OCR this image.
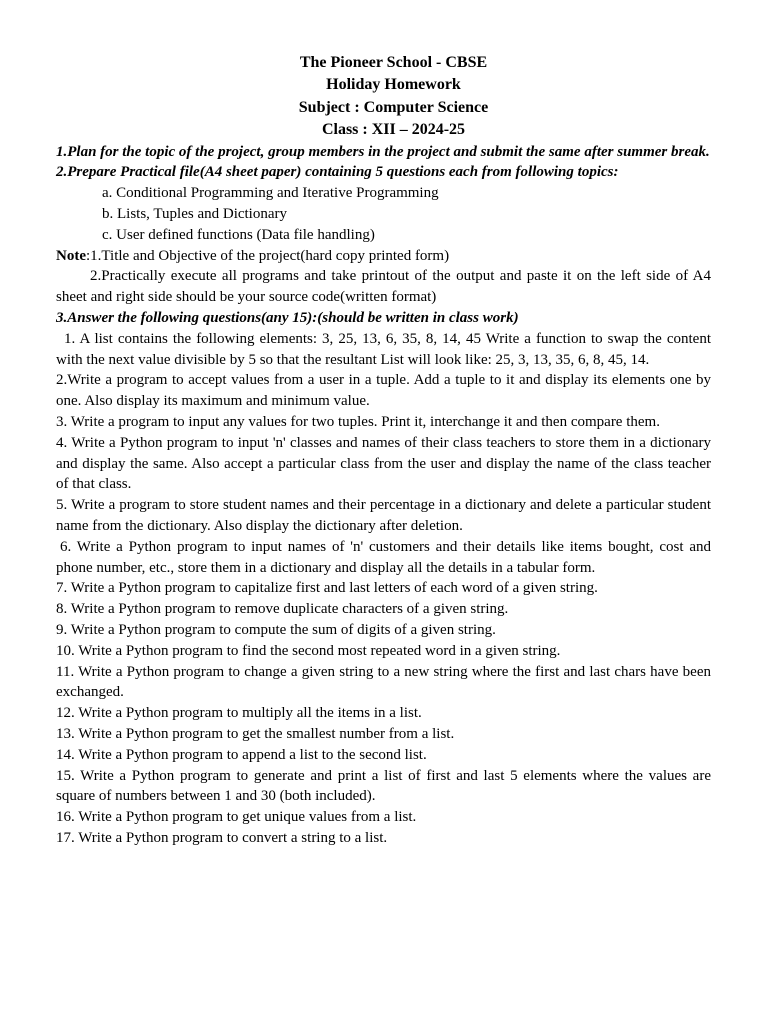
The Pioneer School - CBSE
Holiday Homework
Subject : Computer Science
Class : XII – 2024-25

1.Plan for the topic of the project, group members in the project and submit the same after summer break.

2.Prepare Practical file(A4 sheet paper) containing 5 questions each from following topics:

a. Conditional Programming and Iterative Programming

b. Lists, Tuples and Dictionary

c. User defined functions (Data file handling)

Note:1.Title and Objective of the project(hard copy printed form)

2.Practically execute all programs and take printout of the output and paste it on the left side of A4 sheet and right side should be your source code(written format)

3.Answer the following questions(any 15):(should be written in class work)

1. A list contains the following elements: 3, 25, 13, 6, 35, 8, 14, 45 Write a function to swap the content with the next value divisible by 5 so that the resultant List will look like: 25, 3, 13, 35, 6, 8, 45, 14.

2.Write a program to accept values from a user in a tuple. Add a tuple to it and display its elements one by one. Also display its maximum and minimum value.

3. Write a program to input any values for two tuples. Print it, interchange it and then compare them.

4. Write a Python program to input 'n' classes and names of their class teachers to store them in a dictionary and display the same. Also accept a particular class from the user and display the name of the class teacher of that class.

5. Write a program to store student names and their percentage in a dictionary and delete a particular student name from the dictionary. Also display the dictionary after deletion.

6. Write a Python program to input names of 'n' customers and their details like items bought, cost and phone number, etc., store them in a dictionary and display all the details in a tabular form.

7. Write a Python program to capitalize first and last letters of each word of a given string.

8. Write a Python program to remove duplicate characters of a given string.

9. Write a Python program to compute the sum of digits of a given string.

10. Write a Python program to find the second most repeated word in a given string.

11. Write a Python program to change a given string to a new string where the first and last chars have been exchanged.

12. Write a Python program to multiply all the items in a list.

13. Write a Python program to get the smallest number from a list.

14. Write a Python program to append a list to the second list.

15. Write a Python program to generate and print a list of first and last 5 elements where the values are square of numbers between 1 and 30 (both included).

16. Write a Python program to get unique values from a list.

17. Write a Python program to convert a string to a list.
